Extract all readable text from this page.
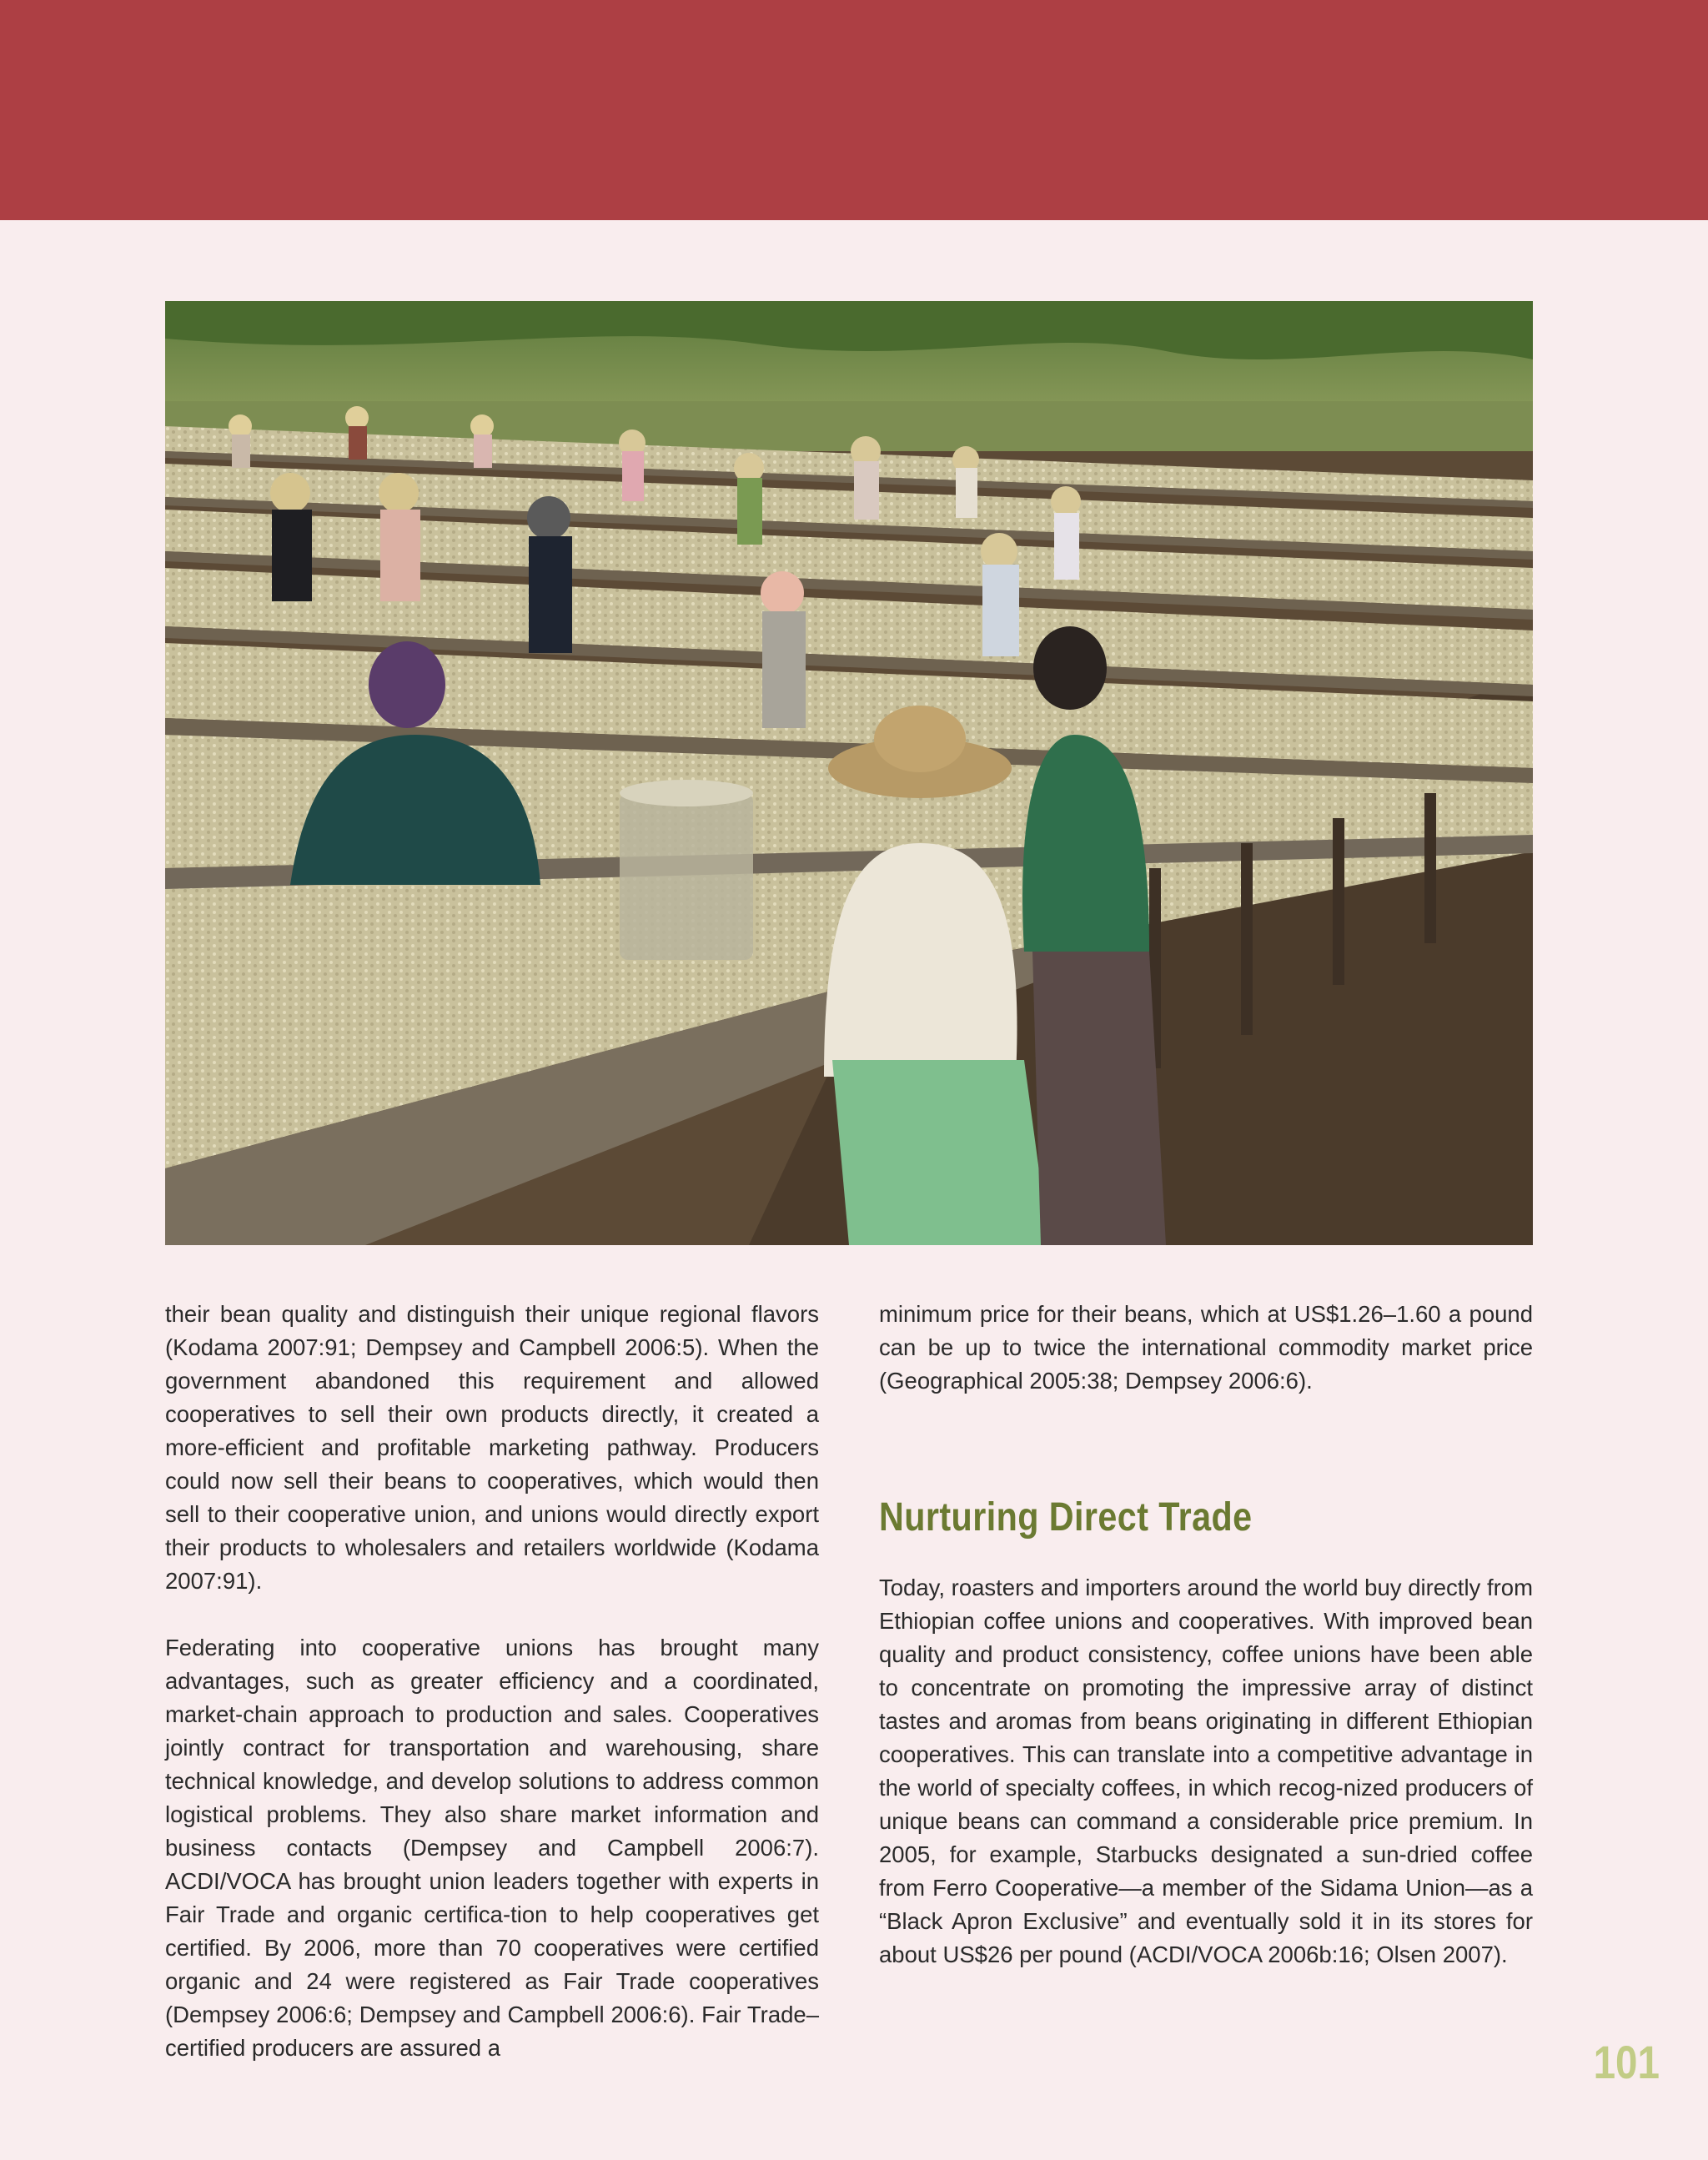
their bean quality and distinguish their unique regional flavors (Kodama 2007:91; Dempsey and Campbell 2006:5). When the government abandoned this requirement and allowed cooperatives to sell their own products directly, it created a more-efficient and profitable marketing pathway. Producers could now sell their beans to cooperatives, which would then sell to their cooperative union, and unions would directly export their products to wholesalers and retailers worldwide (Kodama 2007:91).

Federating into cooperative unions has brought many advantages, such as greater efficiency and a coordinated, market-chain approach to production and sales. Cooperatives jointly contract for transportation and warehousing, share technical knowledge, and develop solutions to address common logistical problems. They also share market information and business contacts (Dempsey and Campbell 2006:7). ACDI/VOCA has brought union leaders together with experts in Fair Trade and organic certifica-tion to help cooperatives get certified. By 2006, more than 70 cooperatives were certified organic and 24 were registered as Fair Trade cooperatives (Dempsey 2006:6; Dempsey and Campbell 2006:6). Fair Trade–certified producers are assured a

minimum price for their beans, which at US$1.26–1.60 a pound can be up to twice the international commodity market price (Geographical 2005:38; Dempsey 2006:6).

Nurturing Direct Trade

Today, roasters and importers around the world buy directly from Ethiopian coffee unions and cooperatives. With improved bean quality and product consistency, coffee unions have been able to concentrate on promoting the impressive array of distinct tastes and aromas from beans originating in different Ethiopian cooperatives. This can translate into a competitive advantage in the world of specialty coffees, in which recog-nized producers of unique beans can command a considerable price premium. In 2005, for example, Starbucks designated a sun-dried coffee from Ferro Cooperative—a member of the Sidama Union—as a “Black Apron Exclusive” and eventually sold it in its stores for about US$26 per pound (ACDI/VOCA 2006b:16; Olsen 2007).

101
